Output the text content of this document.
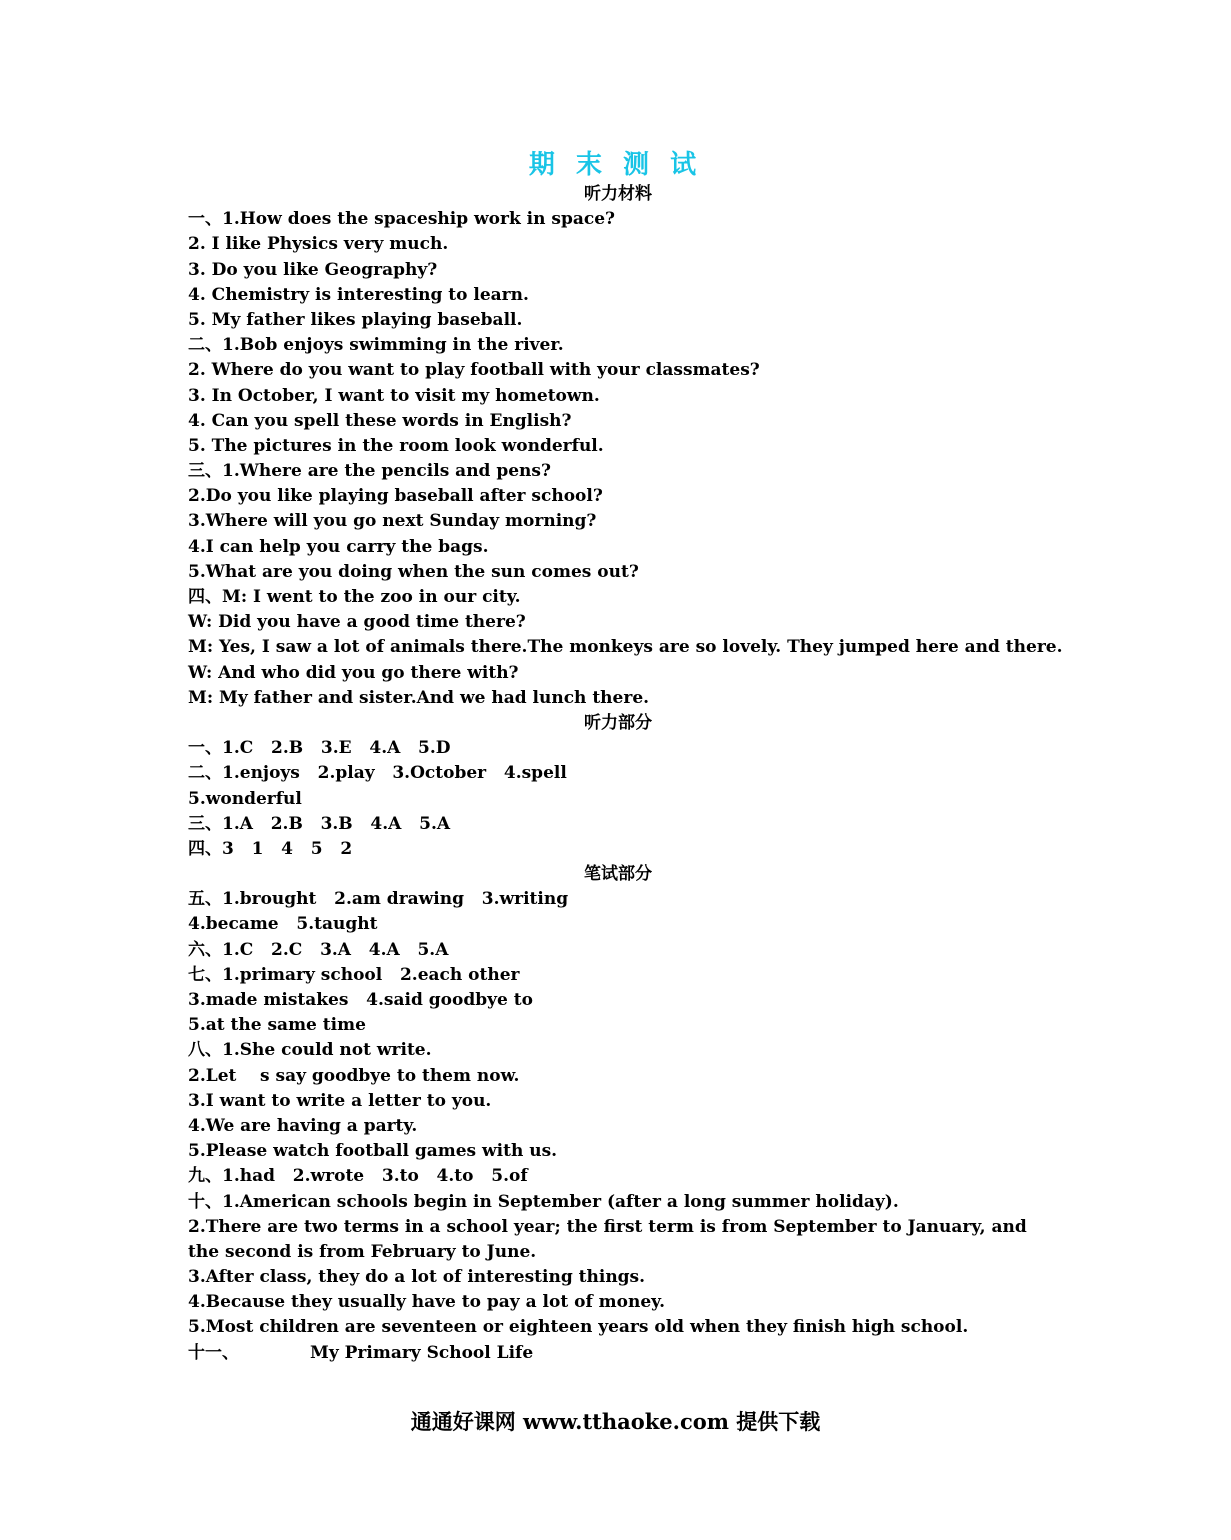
期 末 测 试
听力材料
一、1.How does the spaceship work in space?
2. I like Physics very much.
3. Do you like Geography?
4. Chemistry is interesting to learn.
5. My father likes playing baseball.
二、1.Bob enjoys swimming in the river.
2. Where do you want to play football with your classmates?
3. In October, I want to visit my hometown.
4. Can you spell these words in English?
5. The pictures in the room look wonderful.
三、1.Where are the pencils and pens?
2.Do you like playing baseball after school?
3.Where will you go next Sunday morning?
4.I can help you carry the bags.
5.What are you doing when the sun comes out?
四、M: I went to the zoo in our city.
W: Did you have a good time there?
M: Yes, I saw a lot of animals there.The monkeys are so lovely. They jumped here and there.
W: And who did you go there with?
M: My father and sister.And we had lunch there.
听力部分
一、1.C   2.B   3.E   4.A   5.D
二、1.enjoys   2.play   3.October   4.spell
5.wonderful
三、1.A   2.B   3.B   4.A   5.A
四、3   1   4   5   2
笔试部分
五、1.brought   2.am drawing   3.writing
4.became   5.taught
六、1.C   2.C   3.A   4.A   5.A
七、1.primary school   2.each other
3.made mistakes   4.said goodbye to
5.at the same time
八、1.She could not write.
2.Let    s say goodbye to them now.
3.I want to write a letter to you.
4.We are having a party.
5.Please watch football games with us.
九、1.had   2.wrote   3.to   4.to   5.of
十、1.American schools begin in September (after a long summer holiday).
2.There are two terms in a school year; the first term is from September to January, and the second is from February to June.
3.After class, they do a lot of interesting things.
4.Because they usually have to pay a lot of money.
5.Most children are seventeen or eighteen years old when they finish high school.
十一、            My Primary School Life
通通好课网 www.tthaoke.com 提供下载
